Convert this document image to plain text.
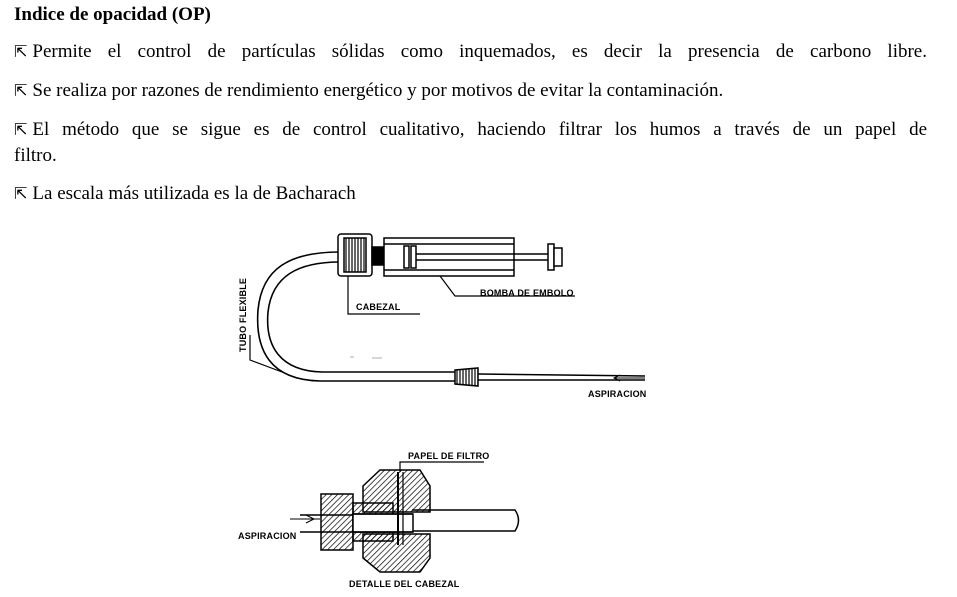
Indice de opacidad (OP)
⇱ Permite el control de partículas sólidas como inquemados, es decir la presencia de carbono libre.
⇱ Se realiza por razones de rendimiento energético y por motivos de evitar la contaminación.
⇱ El método que se sigue es de control cualitativo, haciendo filtrar los humos a través de un papel de
filtro.
⇱ La escala más utilizada es la de Bacharach
TUBO FLEXIBLE	CABEZAL
BOMBA DE EMBOLO
ASPIRACION
PAPEL DE FILTRO
ASPIRACION
DETALLE DEL CABEZAL
